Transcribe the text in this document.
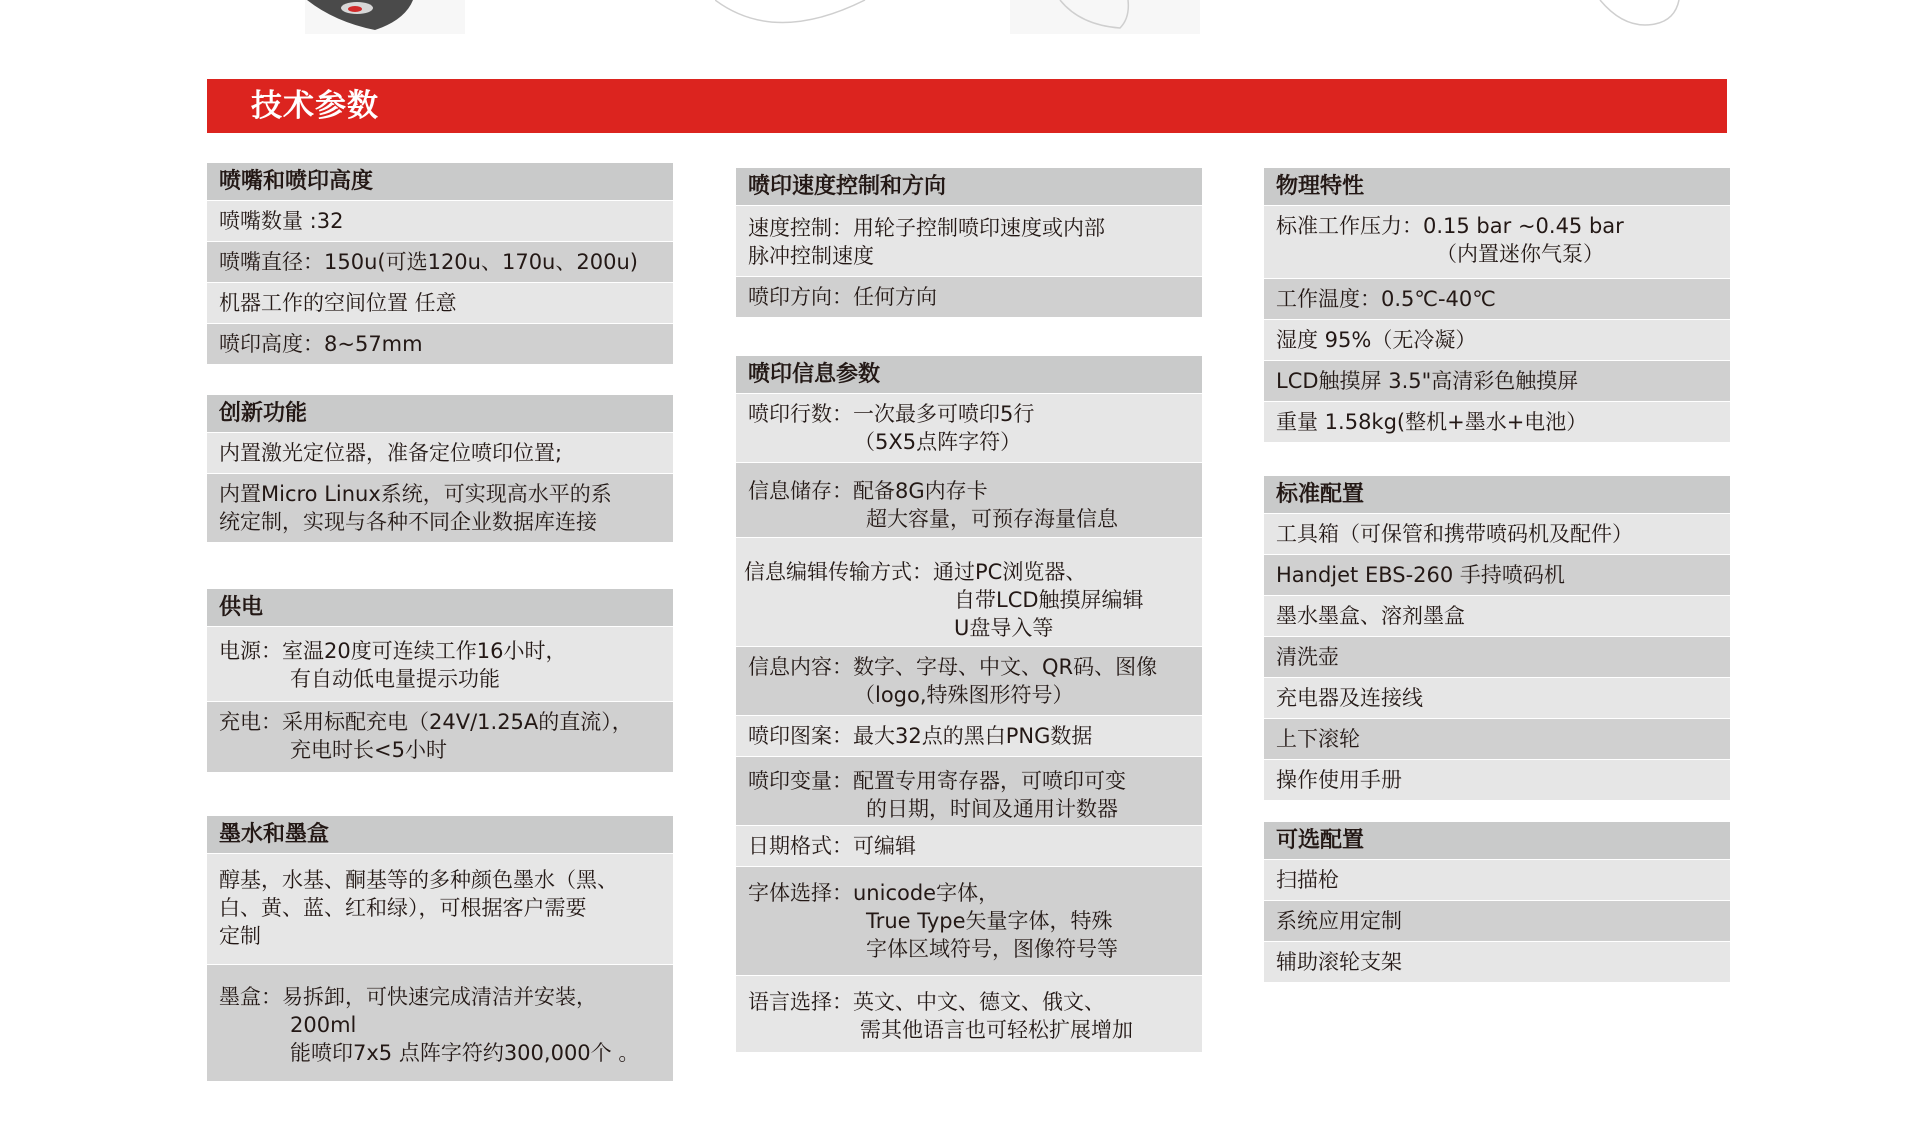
技术参数
喷嘴和喷印高度
喷嘴数量 :32
喷嘴直径：150u(可选120u、170u、200u)
机器工作的空间位置 任意
喷印高度：8~57mm
创新功能
内置激光定位器，准备定位喷印位置;
内置Micro Linux系统，可实现高水平的系
统定制，实现与各种不同企业数据库连接
供电
电源：室温20度可连续工作16小时，
有自动低电量提示功能
充电：采用标配充电（24V/1.25A的直流），
充电时长<5小时
墨水和墨盒
醇基，水基、酮基等的多种颜色墨水（黑、
白、黄、蓝、红和绿），可根据客户需要
定制
墨盒：易拆卸，可快速完成清洁并安装，
200ml
能喷印7x5 点阵字符约300,000个 。
喷印速度控制和方向
速度控制：用轮子控制喷印速度或内部
脉冲控制速度
喷印方向：任何方向
喷印信息参数
喷印行数：一次最多可喷印5行
（5X5点阵字符）
信息储存：配备8G内存卡
超大容量，可预存海量信息
信息编辑传输方式：通过PC浏览器、
自带LCD触摸屏编辑
U盘导入等
信息内容：数字、字母、中文、QR码、图像
（logo,特殊图形符号）
喷印图案：最大32点的黑白PNG数据
喷印变量：配置专用寄存器，可喷印可变
的日期，时间及通用计数器
日期格式：可编辑
字体选择：unicode字体，
True Type矢量字体，特殊
字体区域符号，图像符号等
语言选择：英文、中文、德文、俄文、
需其他语言也可轻松扩展增加
物理特性
标准工作压力：0.15 bar ~0.45 bar
（内置迷你气泵）
工作温度：0.5℃-40℃
湿度 95%（无冷凝）
LCD触摸屏 3.5"高清彩色触摸屏
重量 1.58kg(整机+墨水+电池）
标准配置
工具箱（可保管和携带喷码机及配件）
Handjet EBS-260 手持喷码机
墨水墨盒、溶剂墨盒
清洗壶
充电器及连接线
上下滚轮
操作使用手册
可选配置
扫描枪
系统应用定制
辅助滚轮支架
